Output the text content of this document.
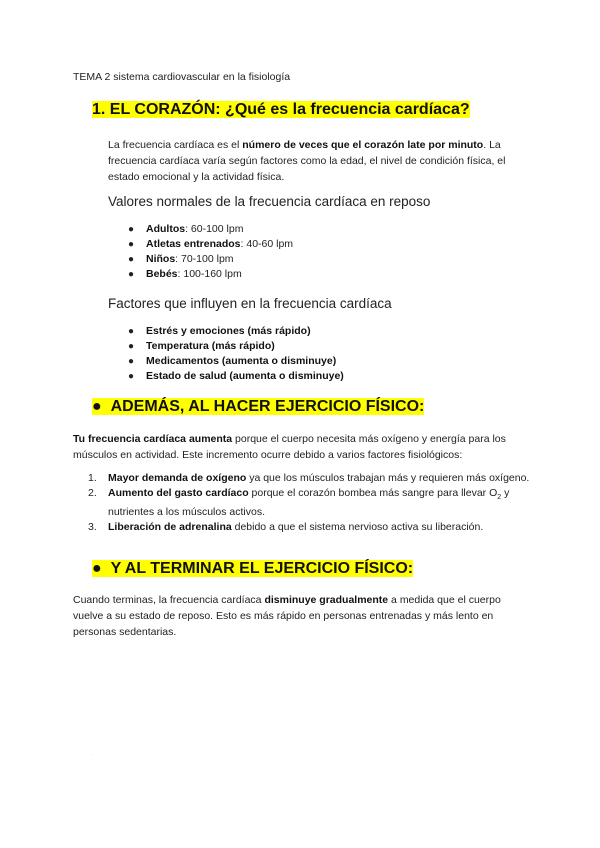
TEMA 2 sistema cardiovascular en la fisiología
1. EL CORAZÓN: ¿Qué es la frecuencia cardíaca?
La frecuencia cardíaca es el número de veces que el corazón late por minuto. La frecuencia cardíaca varía según factores como la edad, el nivel de condición física, el estado emocional y la actividad física.
Valores normales de la frecuencia cardíaca en reposo
● Adultos: 60-100 lpm
● Atletas entrenados: 40-60 lpm
● Niños: 70-100 lpm
● Bebés: 100-160 lpm
Factores que influyen en la frecuencia cardíaca
● Estrés y emociones (más rápido)
● Temperatura (más rápido)
● Medicamentos (aumenta o disminuye)
● Estado de salud (aumenta o disminuye)
● ADEMÁS, AL HACER EJERCICIO FÍSICO:
Tu frecuencia cardíaca aumenta porque el cuerpo necesita más oxígeno y energía para los músculos en actividad. Este incremento ocurre debido a varios factores fisiológicos:
1. Mayor demanda de oxígeno ya que los músculos trabajan más y requieren más oxígeno.
2. Aumento del gasto cardíaco porque el corazón bombea más sangre para llevar $O_2$ y nutrientes a los músculos activos.
3. Liberación de adrenalina debido a que el sistema nervioso activa su liberación.
● Y AL TERMINAR EL EJERCICIO FÍSICO:
Cuando terminas, la frecuencia cardíaca disminuye gradualmente a medida que el cuerpo vuelve a su estado de reposo. Esto es más rápido en personas entrenadas y más lento en personas sedentarias.
·
